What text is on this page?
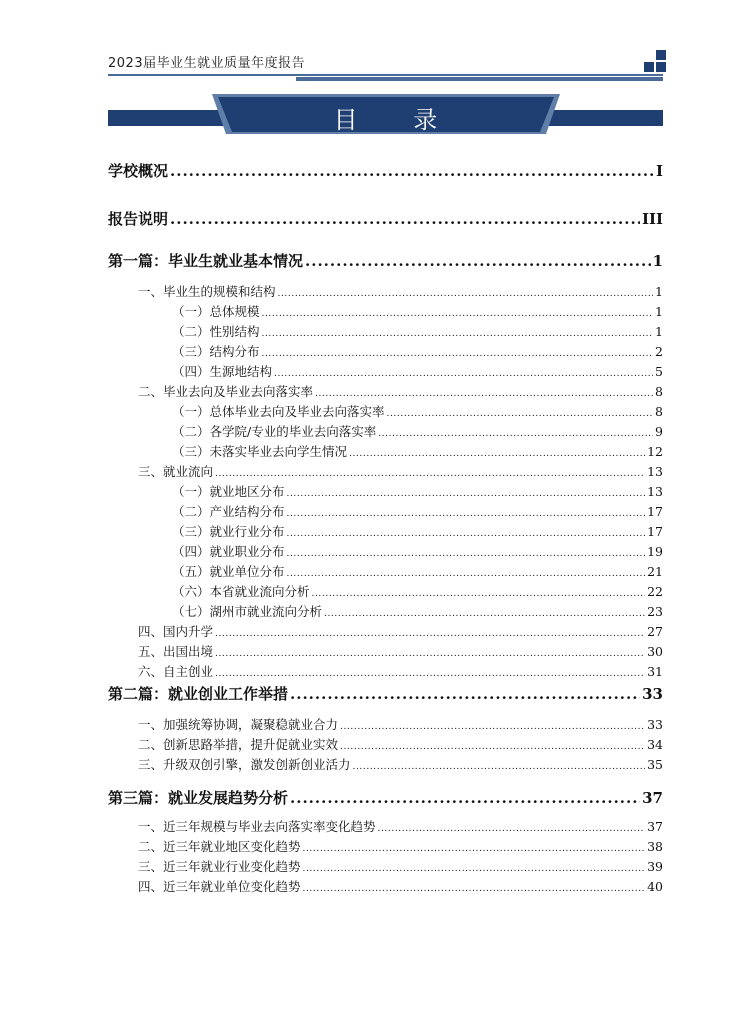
2023届毕业生就业质量年度报告
目 录
学校概况 .....	I
报告说明 .....	III
第一篇：毕业生就业基本情况 .....	1
一、毕业生的规模和结构 .....	1
（一）总体规模 .....	1
（二）性别结构 .....	1
（三）结构分布 .....	2
（四）生源地结构 .....	5
二、毕业去向及毕业去向落实率 .....	8
（一）总体毕业去向及毕业去向落实率 .....	8
（二）各学院/专业的毕业去向落实率 .....	9
（三）未落实毕业去向学生情况 .....	12
三、就业流向 .....	13
（一）就业地区分布 .....	13
（二）产业结构分布 .....	17
（三）就业行业分布 .....	17
（四）就业职业分布 .....	19
（五）就业单位分布 .....	21
（六）本省就业流向分析 .....	22
（七）湖州市就业流向分析 .....	23
四、国内升学 .....	27
五、出国出境 .....	30
六、自主创业 .....	31
第二篇：就业创业工作举措 .....	33
一、加强统筹协调，凝聚稳就业合力 .....	33
二、创新思路举措，提升促就业实效 .....	34
三、升级双创引擎，激发创新创业活力 .....	35
第三篇：就业发展趋势分析 .....	37
一、近三年规模与毕业去向落实率变化趋势 .....	37
二、近三年就业地区变化趋势 .....	38
三、近三年就业行业变化趋势 .....	39
四、近三年就业单位变化趋势 .....	40
